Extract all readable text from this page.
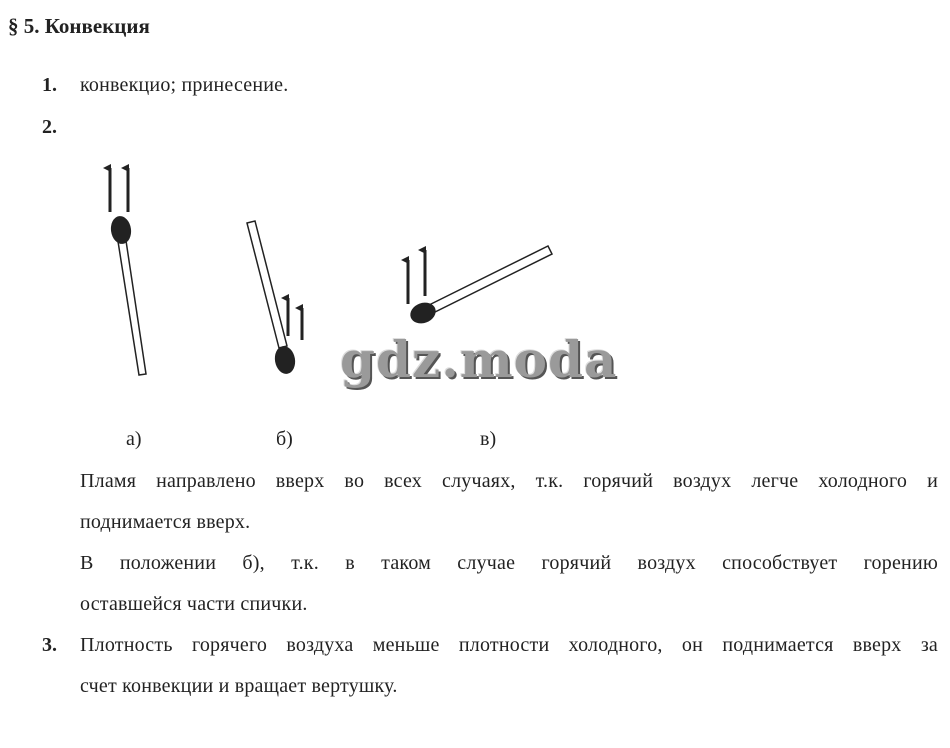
§ 5. Конвекция
1. конвекцио; принесение.
2.
gdz.moda
а)	б)	в)
Пламя направлено вверх во всех случаях, т.к. горячий воздух легче холодного и
поднимается вверх.
В положении б), т.к. в таком случае горячий воздух способствует горению
оставшейся части спички.
3. Плотность горячего воздуха меньше плотности холодного, он поднимается вверх за
счет конвекции и вращает вертушку.
